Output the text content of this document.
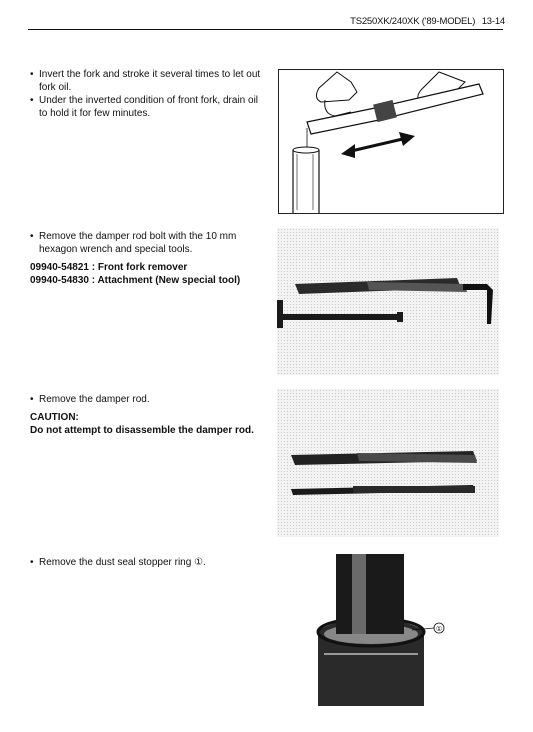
TS250XK/240XK ('89-MODEL) 13-14

• Invert the fork and stroke it several times to let out fork oil.

• Under the inverted condition of front fork, drain oil to hold it for few minutes.

• Remove the damper rod bolt with the 10 mm hexagon wrench and special tools.

09940-54821 : Front fork remover

09940-54830 : Attachment (New special tool)

• Remove the damper rod.

CAUTION:

Do not attempt to disassemble the damper rod.

• Remove the dust seal stopper ring ①.

①
